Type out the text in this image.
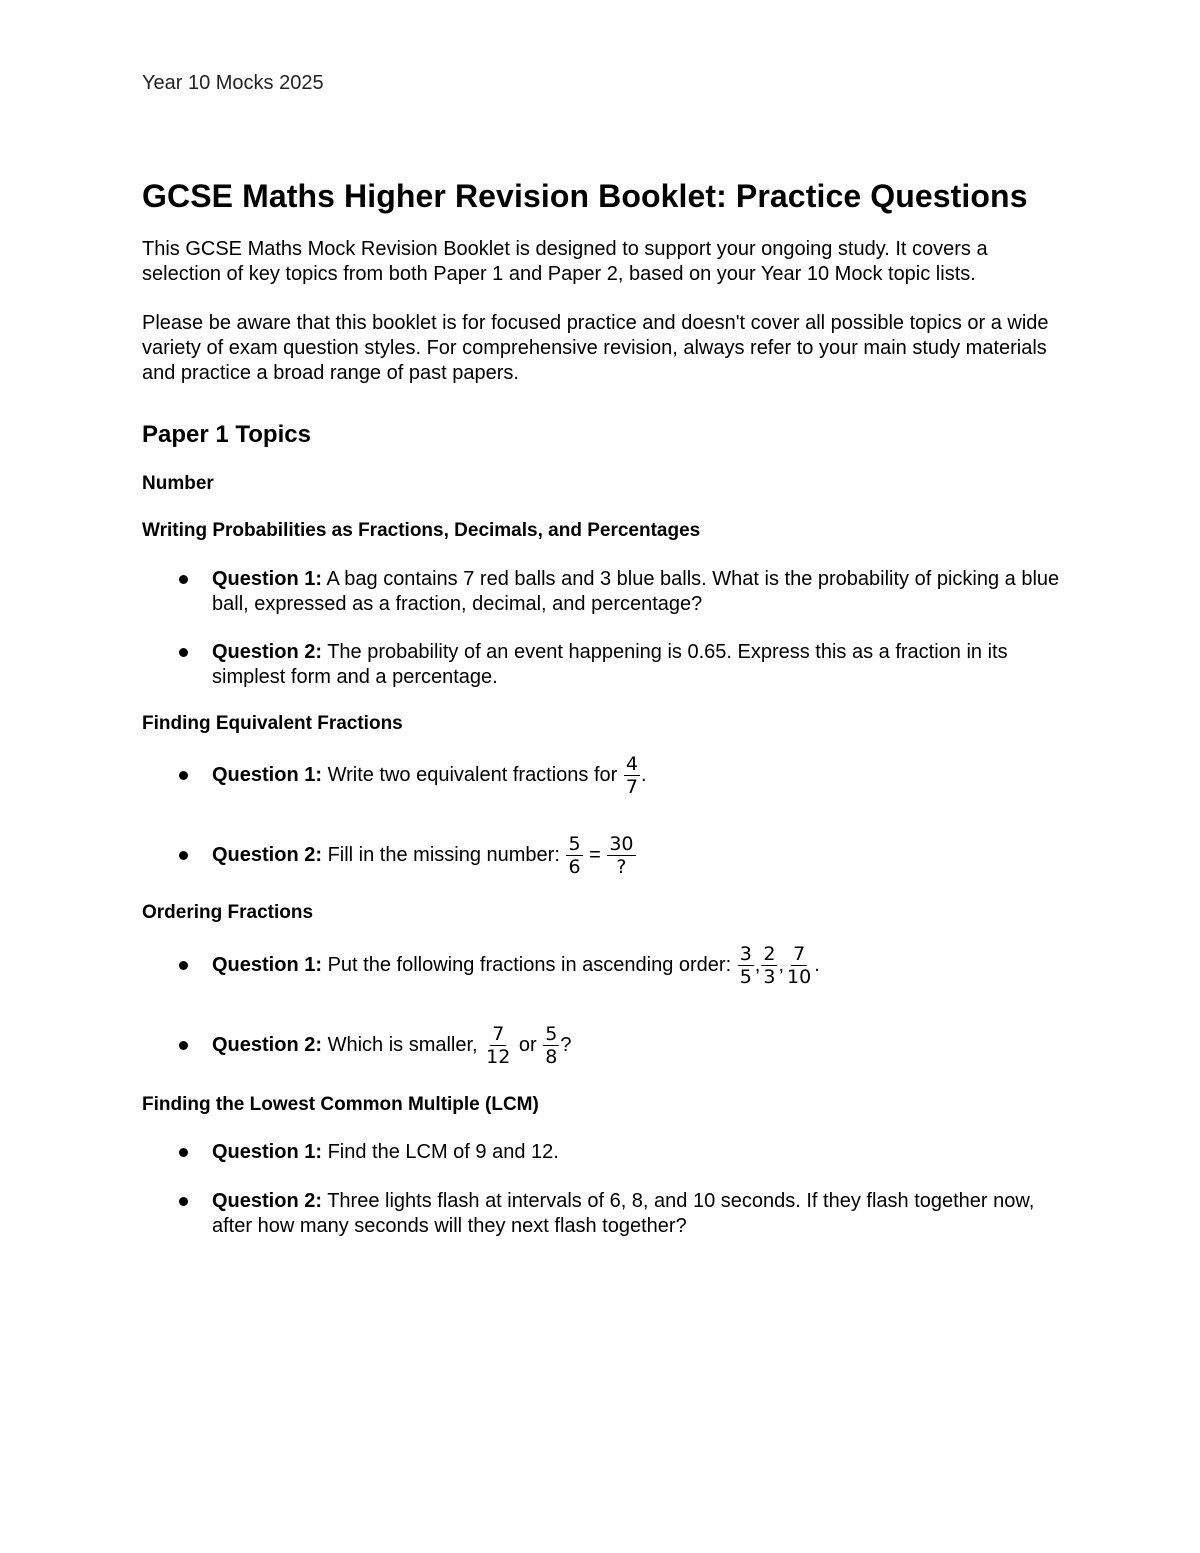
Year 10 Mocks 2025
GCSE Maths Higher Revision Booklet: Practice Questions

This GCSE Maths Mock Revision Booklet is designed to support your ongoing study. It covers a selection of key topics from both Paper 1 and Paper 2, based on your Year 10 Mock topic lists.

Please be aware that this booklet is for focused practice and doesn't cover all possible topics or a wide variety of exam question styles. For comprehensive revision, always refer to your main study materials and practice a broad range of past papers.

Paper 1 Topics
Number
Writing Probabilities as Fractions, Decimals, and Percentages
Question 1: A bag contains 7 red balls and 3 blue balls. What is the probability of picking a blue ball, expressed as a fraction, decimal, and percentage?
Question 2: The probability of an event happening is 0.65. Express this as a fraction in its simplest form and a percentage.
Finding Equivalent Fractions
Question 1: Write two equivalent fractions for $\frac{4}{7}$ .
Question 2: Fill in the missing number: $\frac{5}{6} = \frac{30}{?}$
Ordering Fractions
Question 1: Put the following fractions in ascending order: $\frac{3}{5}$ , $\frac{2}{3}$ , $\frac{7}{10}$ .
Question 2: Which is smaller, $\frac{7}{12}$ or $\frac{5}{8}$ ?
Finding the Lowest Common Multiple (LCM)
Question 1: Find the LCM of 9 and 12.
Question 2: Three lights flash at intervals of 6, 8, and 10 seconds. If they flash together now, after how many seconds will they next flash together?
